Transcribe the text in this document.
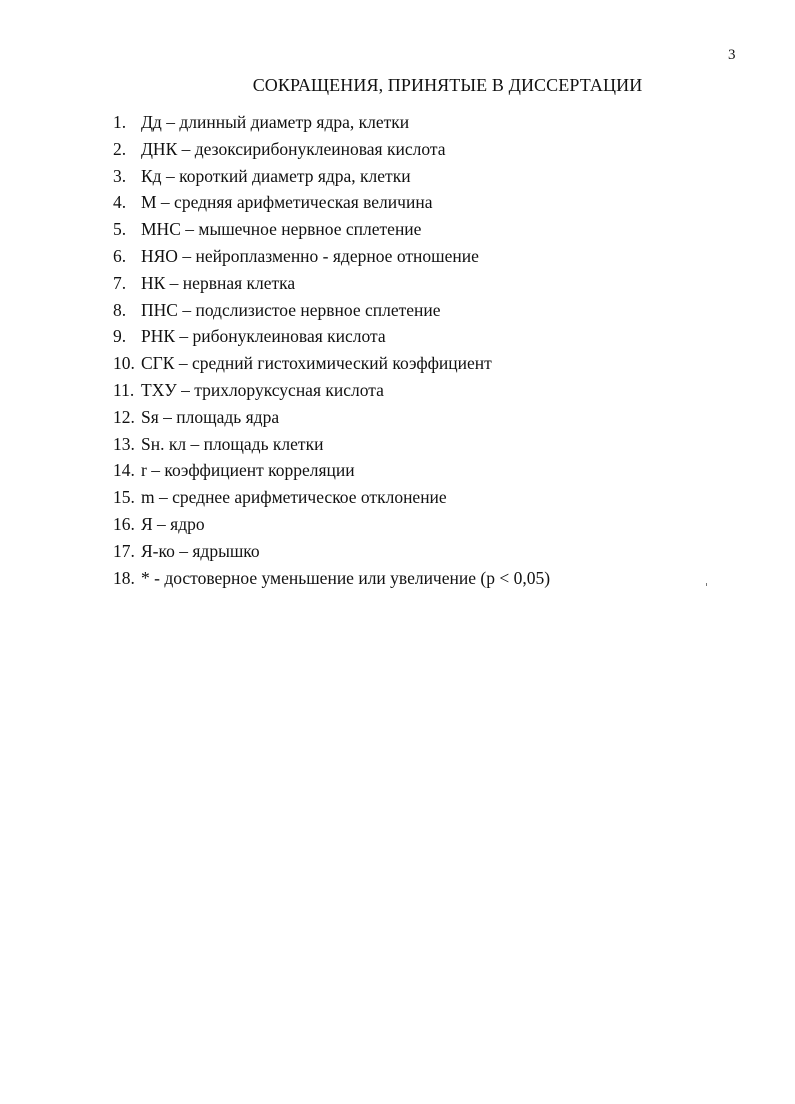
3
СОКРАЩЕНИЯ, ПРИНЯТЫЕ В ДИССЕРТАЦИИ
1. Дд – длинный диаметр ядра, клетки
2. ДНК – дезоксирибонуклеиновая кислота
3. Кд – короткий диаметр ядра, клетки
4. М – средняя арифметическая величина
5. МНС – мышечное нервное сплетение
6. НЯО – нейроплазменно - ядерное отношение
7. НК – нервная клетка
8. ПНС – подслизистое нервное сплетение
9. РНК – рибонуклеиновая кислота
10. СГК – средний гистохимический коэффициент
11. ТХУ – трихлоруксусная кислота
12. Sя – площадь ядра
13. Sн. кл – площадь клетки
14. r – коэффициент корреляции
15. m – среднее арифметическое отклонение
16. Я – ядро
17. Я-ко – ядрышко
18. * - достоверное уменьшение или увеличение (p < 0,05)
